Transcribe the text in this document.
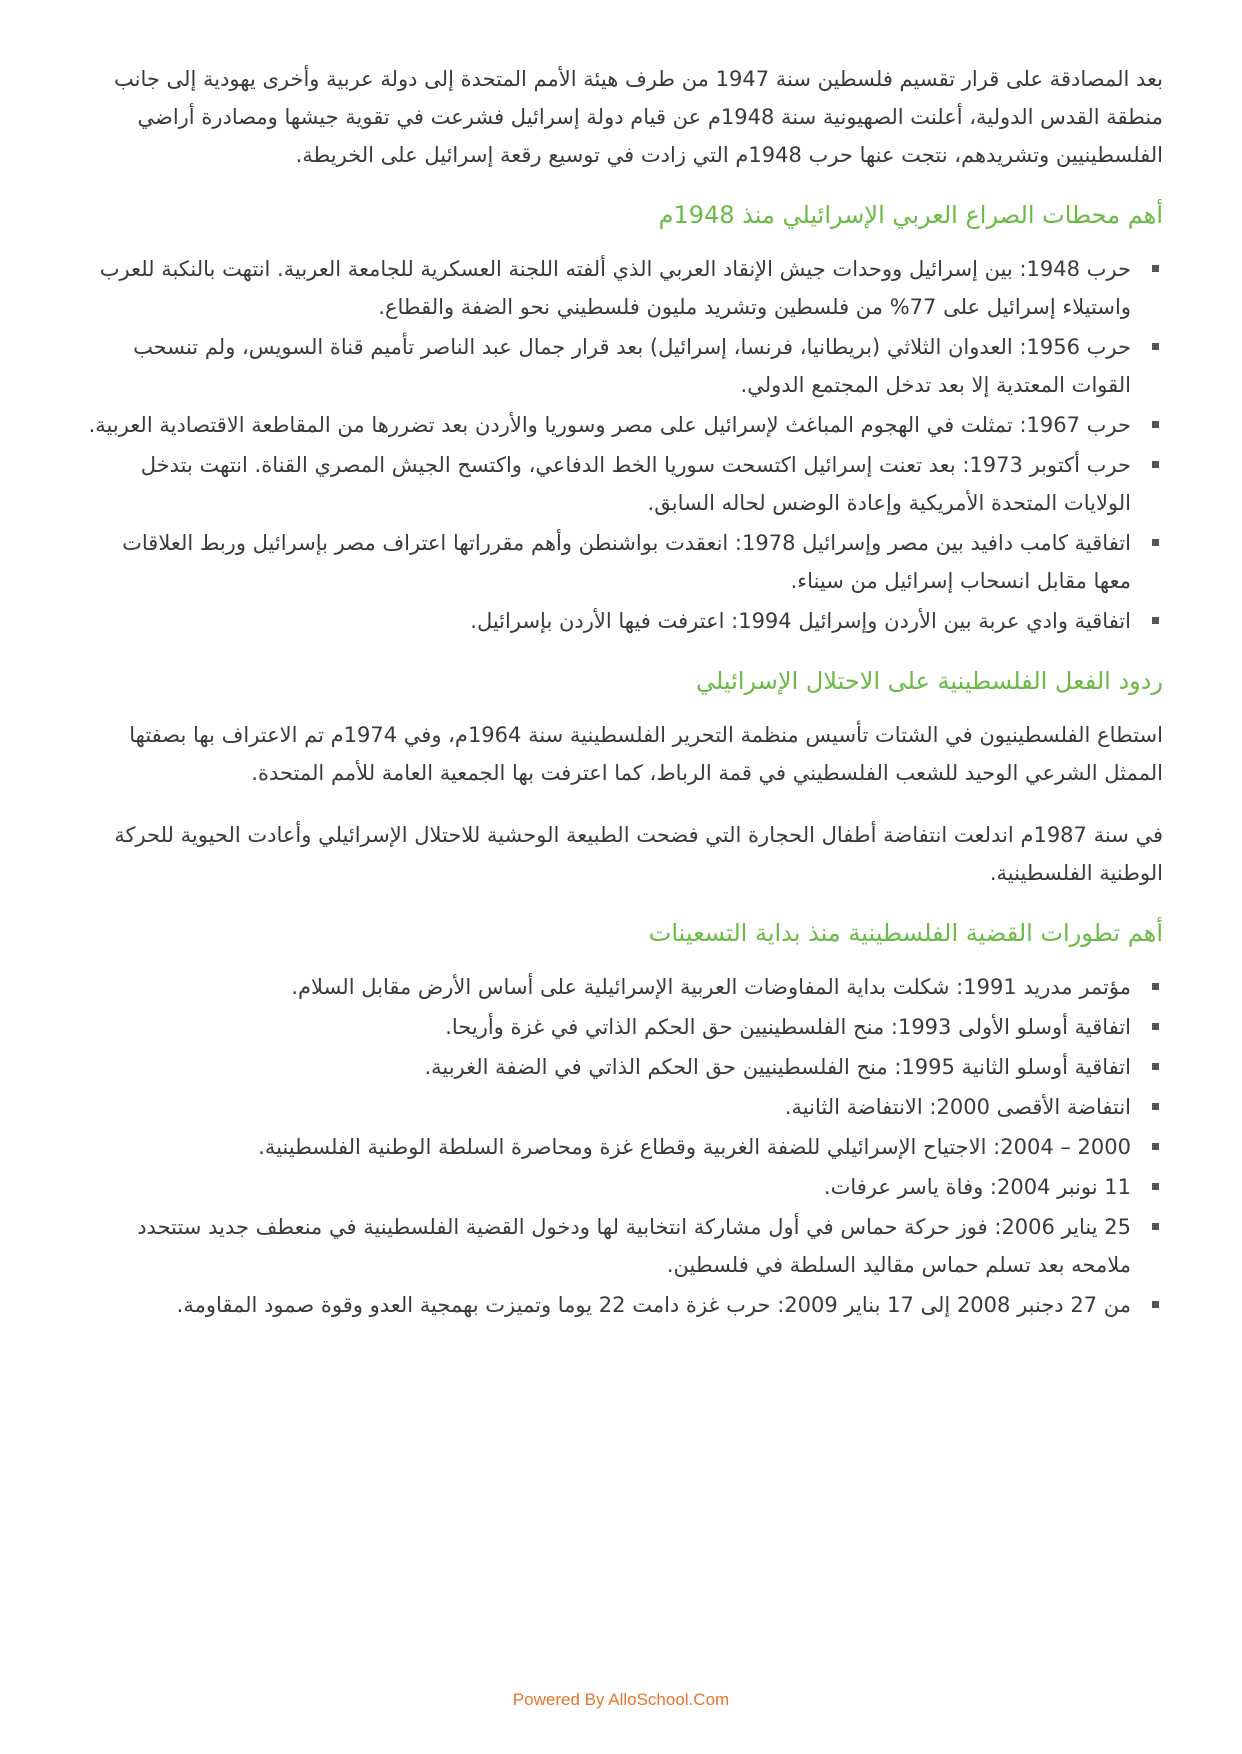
بعد المصادقة على قرار تقسيم فلسطين سنة 1947 من طرف هيئة الأمم المتحدة إلى دولة عربية وأخرى يهودية إلى جانب منطقة القدس الدولية، أعلنت الصهيونية سنة 1948م عن قيام دولة إسرائيل فشرعت في تقوية جيشها ومصادرة أراضي الفلسطينيين وتشريدهم، نتجت عنها حرب 1948م التي زادت في توسيع رقعة إسرائيل على الخريطة.

أهم محطات الصراع العربي الإسرائيلي منذ 1948م
حرب 1948: بين إسرائيل ووحدات جيش الإنقاد العربي الذي ألفته اللجنة العسكرية للجامعة العربية. انتهت بالنكبة للعرب واستيلاء إسرائيل على 77% من فلسطين وتشريد مليون فلسطيني نحو الضفة والقطاع.
حرب 1956: العدوان الثلاثي (بريطانيا، فرنسا، إسرائيل) بعد قرار جمال عبد الناصر تأميم قناة السويس، ولم تنسحب القوات المعتدية إلا بعد تدخل المجتمع الدولي.
حرب 1967: تمثلت في الهجوم المباغث لإسرائيل على مصر وسوريا والأردن بعد تضررها من المقاطعة الاقتصادية العربية.
حرب أكتوبر 1973: بعد تعنت إسرائيل اكتسحت سوريا الخط الدفاعي، واكتسح الجيش المصري القناة. انتهت بتدخل الولايات المتحدة الأمريكية وإعادة الوضس لحاله السابق.
اتفاقية كامب دافيد بين مصر وإسرائيل 1978: انعقدت بواشنطن وأهم مقرراتها اعتراف مصر بإسرائيل وربط العلاقات معها مقابل انسحاب إسرائيل من سيناء.
اتفاقية وادي عربة بين الأردن وإسرائيل 1994: اعترفت فيها الأردن بإسرائيل.
ردود الفعل الفلسطينية على الاحتلال الإسرائيلي

استطاع الفلسطينيون في الشتات تأسيس منظمة التحرير الفلسطينية سنة 1964م، وفي 1974م تم الاعتراف بها بصفتها الممثل الشرعي الوحيد للشعب الفلسطيني في قمة الرباط، كما اعترفت بها الجمعية العامة للأمم المتحدة.

في سنة 1987م اندلعت انتفاضة أطفال الحجارة التي فضحت الطبيعة الوحشية للاحتلال الإسرائيلي وأعادت الحيوية للحركة الوطنية الفلسطينية.

أهم تطورات القضية الفلسطينية منذ بداية التسعينات
مؤتمر مدريد 1991: شكلت بداية المفاوضات العربية الإسرائيلية على أساس الأرض مقابل السلام.
اتفاقية أوسلو الأولى 1993: منح الفلسطينيين حق الحكم الذاتي في غزة وأريحا.
اتفاقية أوسلو الثانية 1995: منح الفلسطينيين حق الحكم الذاتي في الضفة الغربية.
انتفاضة الأقصى 2000: الانتفاضة الثانية.
2000 – 2004: الاجتياح الإسرائيلي للضفة الغربية وقطاع غزة ومحاصرة السلطة الوطنية الفلسطينية.
11 نونبر 2004: وفاة ياسر عرفات.
25 يناير 2006: فوز حركة حماس في أول مشاركة انتخابية لها ودخول القضية الفلسطينية في منعطف جديد ستتحدد ملامحه بعد تسلم حماس مقاليد السلطة في فلسطين.
من 27 دجنبر 2008 إلى 17 بناير 2009: حرب غزة دامت 22 يوما وتميزت بهمجية العدو وقوة صمود المقاومة.
Powered By AlloSchool.Com
